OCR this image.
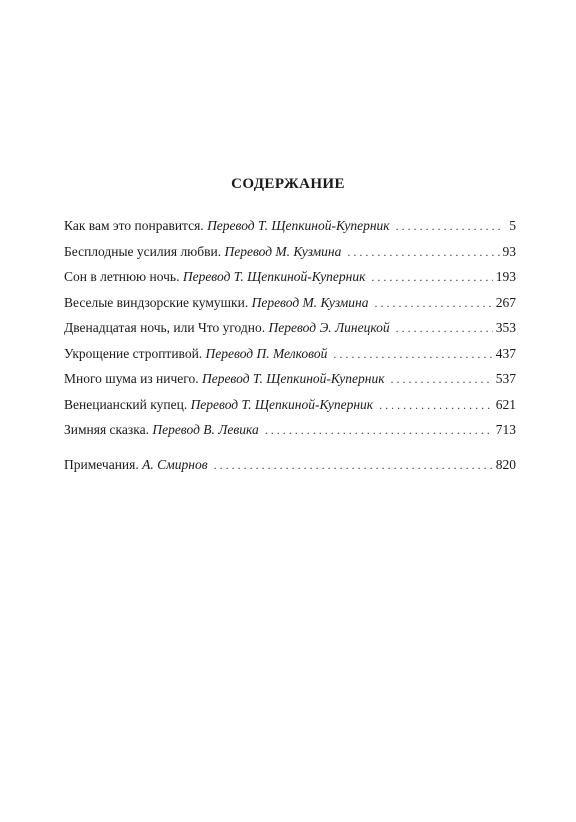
СОДЕРЖАНИЕ
Как вам это понравится.
Перевод Т. Щепкиной-Куперник . . .	5
Бесплодные усилия любви.
Перевод М. Кузмина . . .	93
Сон в летнюю ночь.
Перевод Т. Щепкиной-Куперник . . .	193
Веселые виндзорские кумушки.
Перевод М. Кузмина . . .	267
Двенадцатая ночь, или Что угодно.
Перевод Э. Линецкой . . .	353
Укрощение строптивой.
Перевод П. Мелковой . . .	437
Много шума из ничего.
Перевод Т. Щепкиной-Куперник . . .	537
Венецианский купец.
Перевод Т. Щепкиной-Куперник . . .	621
Зимняя сказка.
Перевод В. Левика . . .	713
Примечания.
А. Смирнов . . .	820
